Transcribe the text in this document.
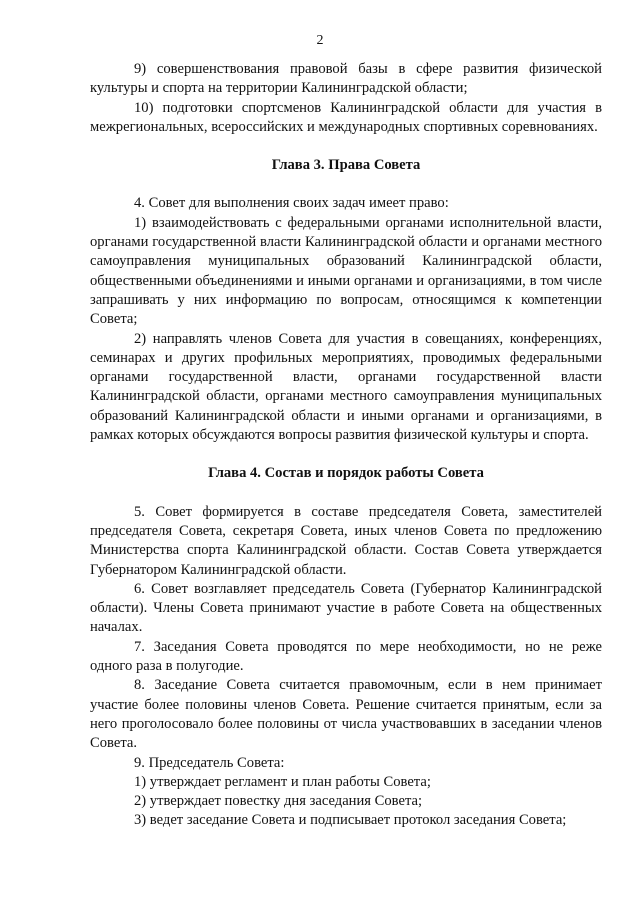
2

9) совершенствования правовой базы в сфере развития физической культуры и спорта на территории Калининградской области;

10) подготовки спортсменов Калининградской области для участия в межрегиональных, всероссийских и международных спортивных соревнованиях.

Глава 3. Права Совета

4. Совет для выполнения своих задач имеет право:

1) взаимодействовать с федеральными органами исполнительной власти, органами государственной власти Калининградской области и органами местного самоуправления муниципальных образований Калининградской области, общественными объединениями и иными органами и организациями, в том числе запрашивать у них информацию по вопросам, относящимся к компетенции Совета;

2) направлять членов Совета для участия в совещаниях, конференциях, семинарах и других профильных мероприятиях, проводимых федеральными органами государственной власти, органами государственной власти Калининградской области, органами местного самоуправления муниципальных образований Калининградской области и иными органами и организациями, в рамках которых обсуждаются вопросы развития физической культуры и спорта.

Глава 4. Состав и порядок работы Совета

5. Совет формируется в составе председателя Совета, заместителей председателя Совета, секретаря Совета, иных членов Совета по предложению Министерства спорта Калининградской области. Состав Совета утверждается Губернатором Калининградской области.

6. Совет возглавляет председатель Совета (Губернатор Калининградской области). Члены Совета принимают участие в работе Совета на общественных началах.

7. Заседания Совета проводятся по мере необходимости, но не реже одного раза в полугодие.

8. Заседание Совета считается правомочным, если в нем принимает участие более половины членов Совета. Решение считается принятым, если за него проголосовало более половины от числа участвовавших в заседании членов Совета.

9. Председатель Совета:

1) утверждает регламент и план работы Совета;

2) утверждает повестку дня заседания Совета;

3) ведет заседание Совета и подписывает протокол заседания Совета;
